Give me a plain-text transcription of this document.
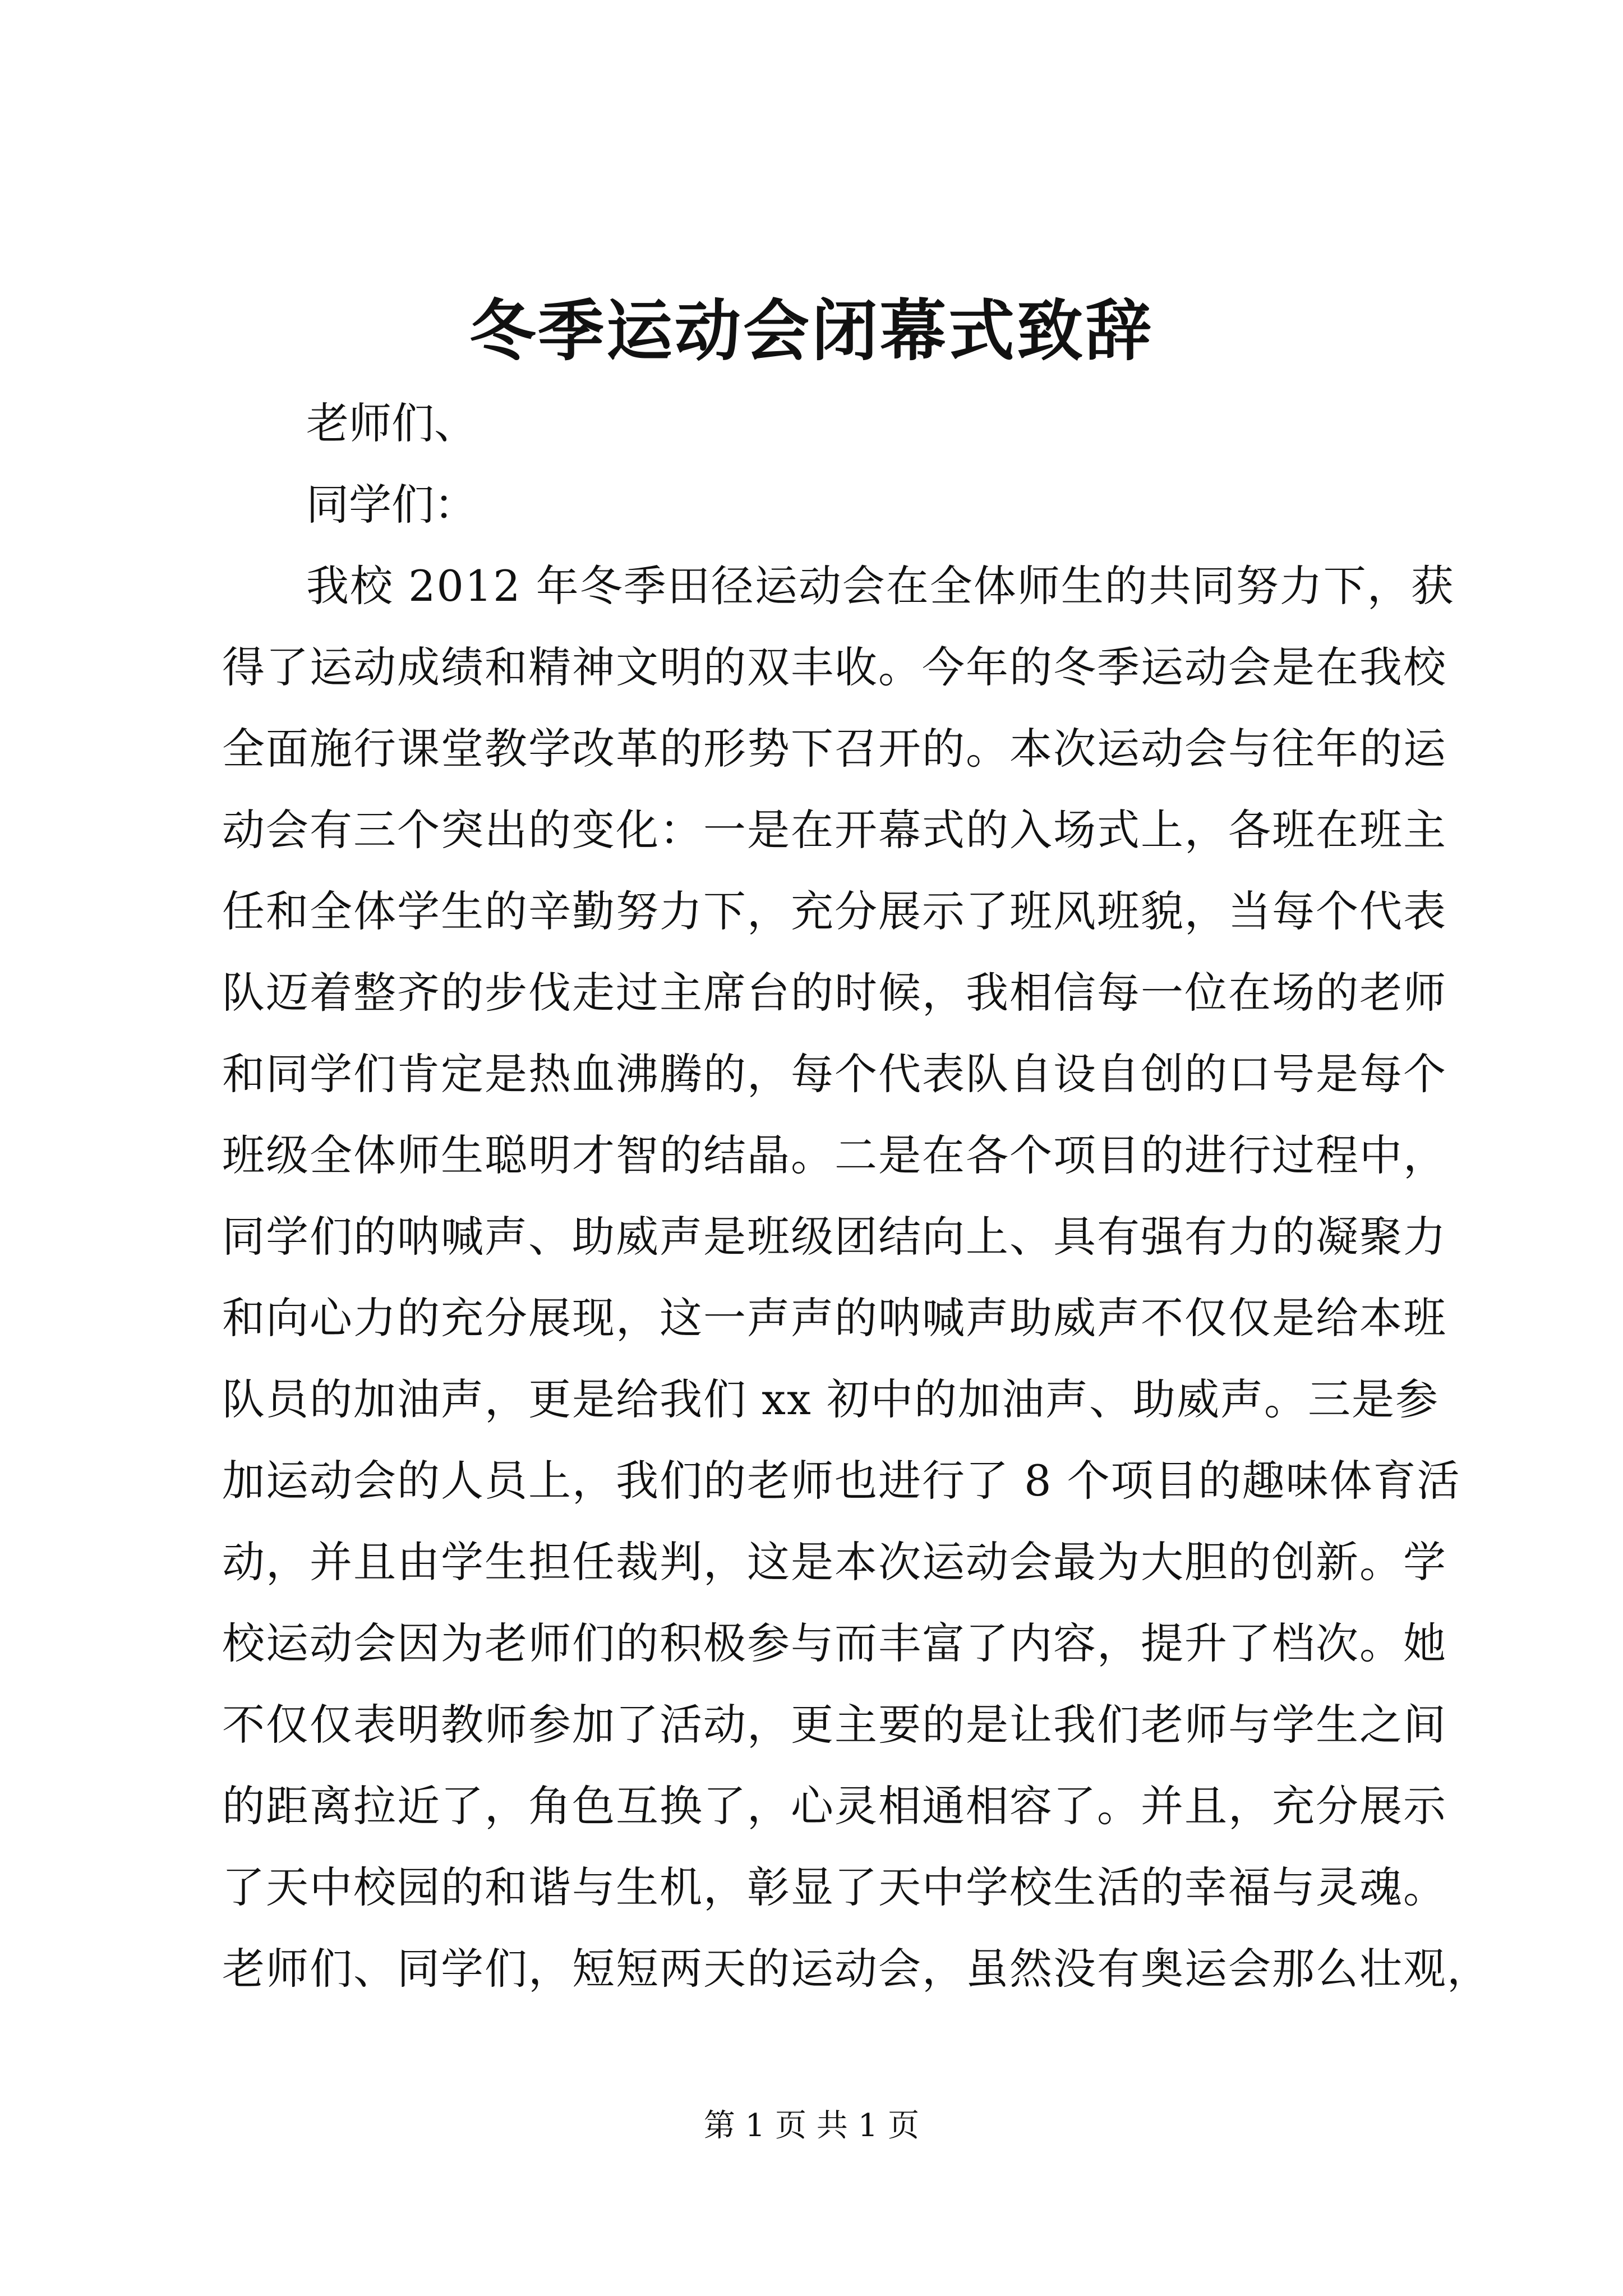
冬季运动会闭幕式致辞

老师们、

同学们：

我校 2012 年冬季田径运动会在全体师生的共同努力下，获
得了运动成绩和精神文明的双丰收。今年的冬季运动会是在我校
全面施行课堂教学改革的形势下召开的。本次运动会与往年的运
动会有三个突出的变化：一是在开幕式的入场式上，各班在班主
任和全体学生的辛勤努力下，充分展示了班风班貌，当每个代表
队迈着整齐的步伐走过主席台的时候，我相信每一位在场的老师
和同学们肯定是热血沸腾的，每个代表队自设自创的口号是每个
班级全体师生聪明才智的结晶。二是在各个项目的进行过程中，
同学们的呐喊声、助威声是班级团结向上、具有强有力的凝聚力
和向心力的充分展现，这一声声的呐喊声助威声不仅仅是给本班
队员的加油声，更是给我们 xx 初中的加油声、助威声。三是参
加运动会的人员上，我们的老师也进行了 8 个项目的趣味体育活
动，并且由学生担任裁判，这是本次运动会最为大胆的创新。学
校运动会因为老师们的积极参与而丰富了内容，提升了档次。她
不仅仅表明教师参加了活动，更主要的是让我们老师与学生之间
的距离拉近了，角色互换了，心灵相通相容了。并且，充分展示
了天中校园的和谐与生机，彰显了天中学校生活的幸福与灵魂。
老师们、同学们，短短两天的运动会，虽然没有奥运会那么壮观，

第 1 页 共 1 页
